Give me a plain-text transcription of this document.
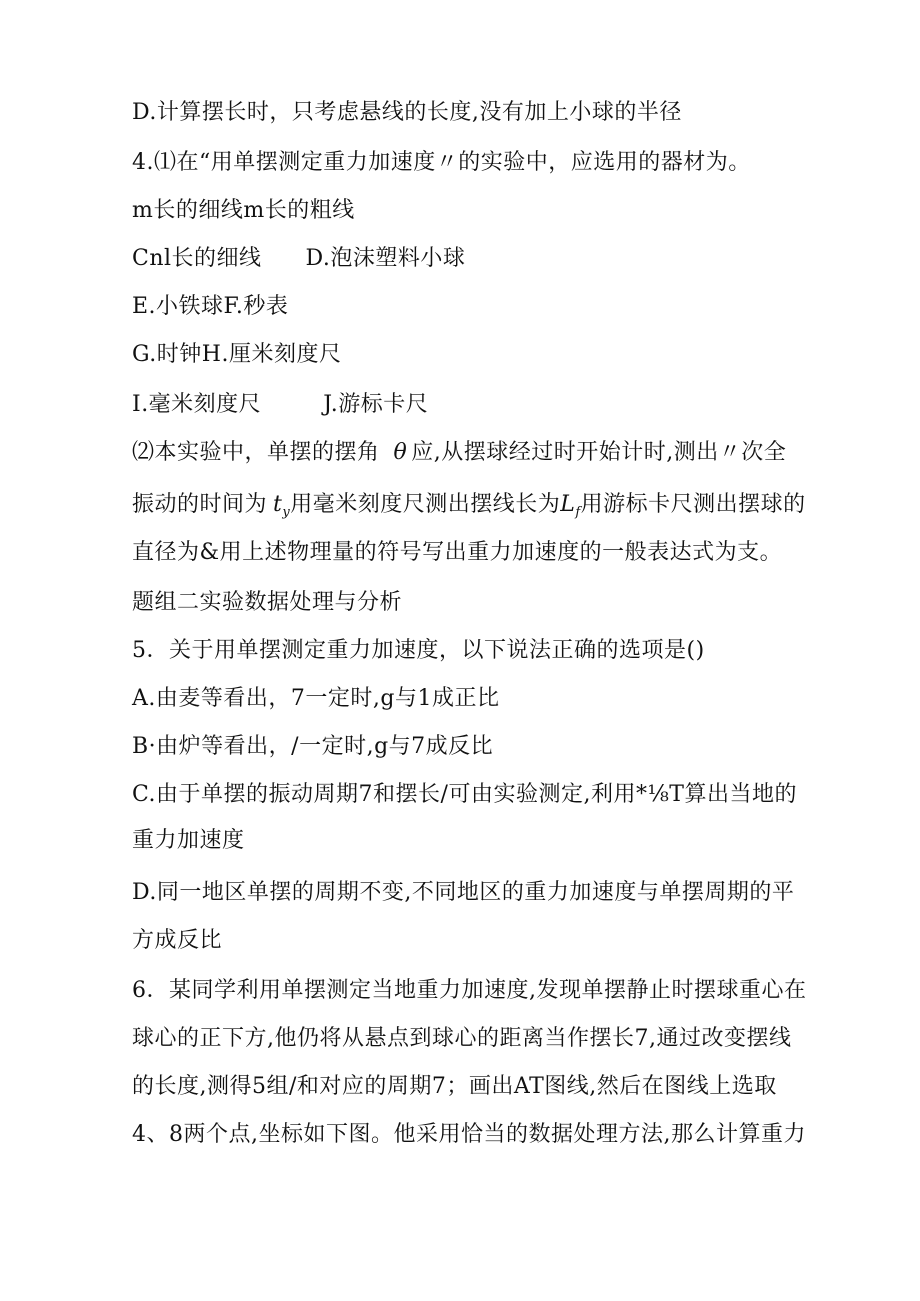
D.计算摆长时，只考虑悬线的长度,没有加上小球的半径
4.⑴在“用单摆测定重力加速度〃的实验中，应选用的器材为。
m长的细线m长的粗线
Cnl长的细线 D.泡沫塑料小球
E.小铁球F.秒表
G.时钟H.厘米刻度尺
I.毫米刻度尺	J.游标卡尺
⑵本实验中，单摆的摆角 θ 应,从摆球经过时开始计时,测出〃次全
振动的时间为 $t_y$用毫米刻度尺测出摆线长为$L_f$用游标卡尺测出摆球的
直径为&用上述物理量的符号写出重力加速度的一般表达式为支。
题组二实验数据处理与分析
5．关于用单摆测定重力加速度，以下说法正确的选项是()
A.由麦等看出，7一定时,g与1成正比
B·由炉等看出，/一定时,g与7成反比
C.由于单摆的振动周期7和摆长/可由实验测定,利用*⅛T算出当地的
重力加速度
D.同一地区单摆的周期不变,不同地区的重力加速度与单摆周期的平
方成反比
6．某同学利用单摆测定当地重力加速度,发现单摆静止时摆球重心在
球心的正下方,他仍将从悬点到球心的距离当作摆长7,通过改变摆线
的长度,测得5组/和对应的周期7；画出AT图线,然后在图线上选取
4、8两个点,坐标如下图。他采用恰当的数据处理方法,那么计算重力
